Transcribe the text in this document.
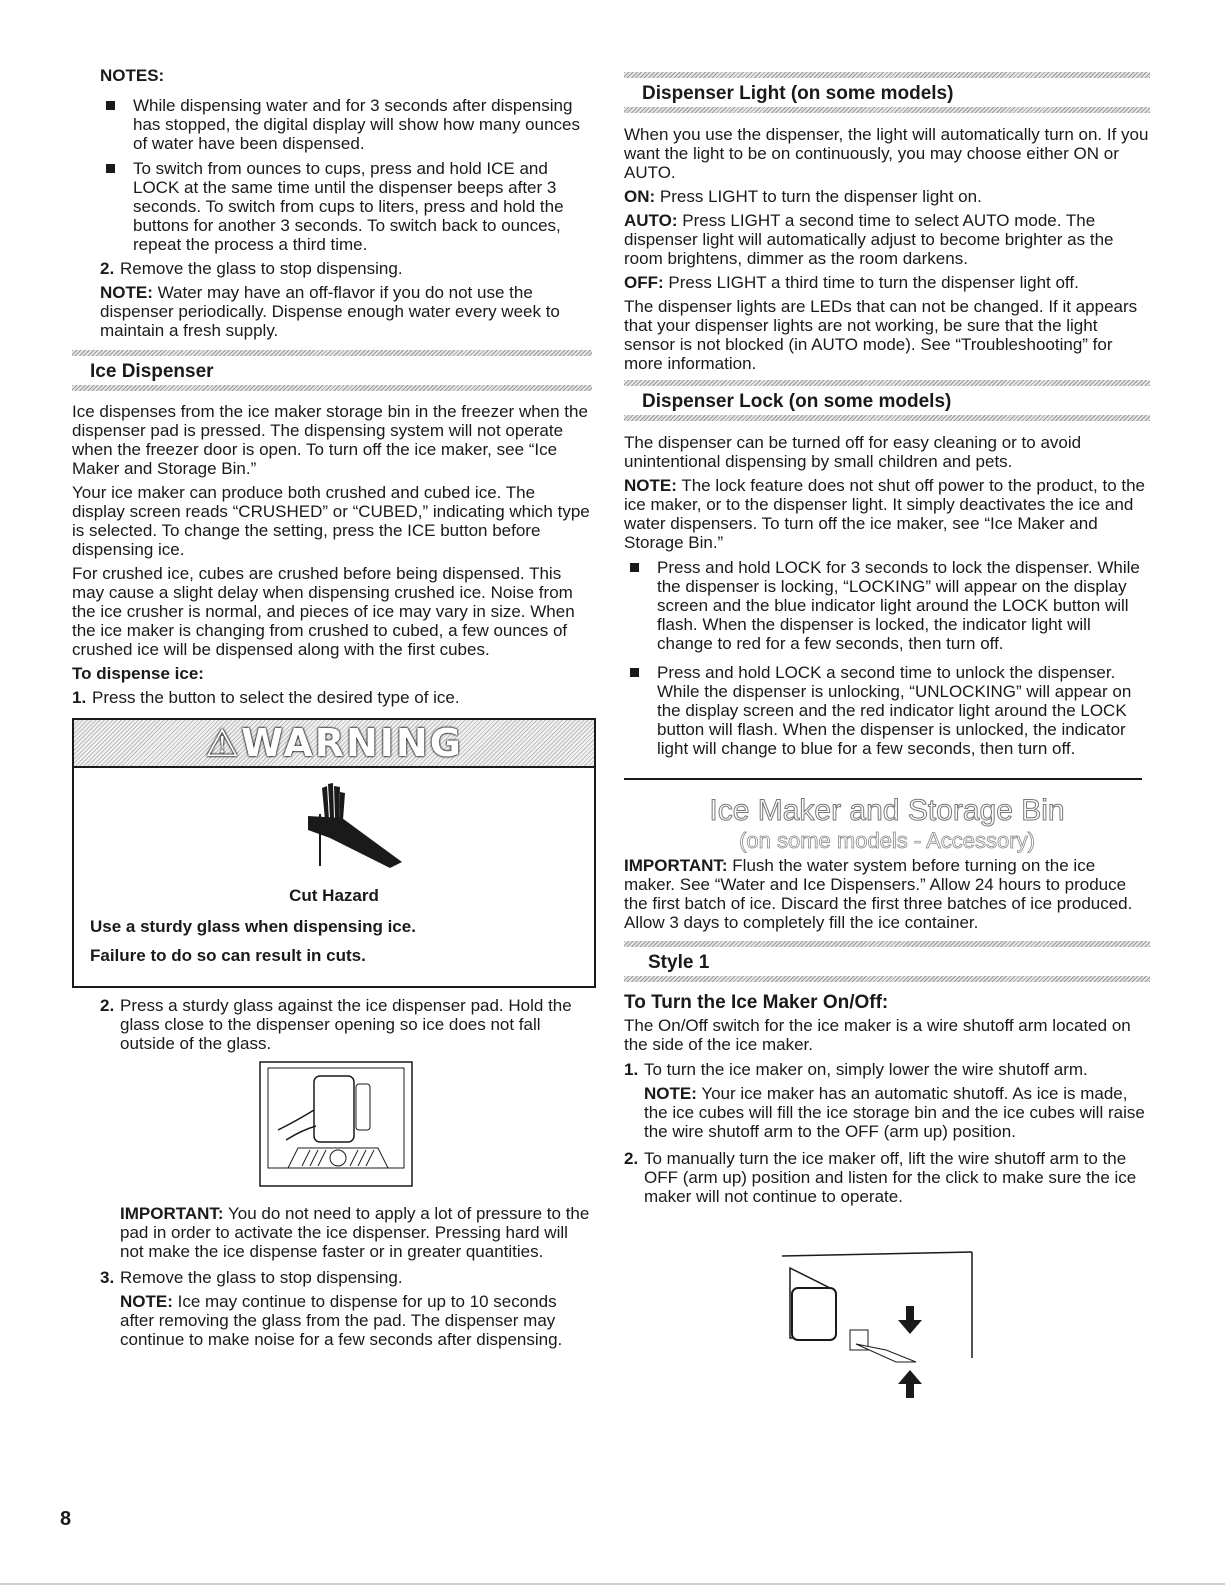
NOTES:
While dispensing water and for 3 seconds after dispensing has stopped, the digital display will show how many ounces of water have been dispensed.
To switch from ounces to cups, press and hold ICE and LOCK at the same time until the dispenser beeps after 3 seconds. To switch from cups to liters, press and hold the buttons for another 3 seconds. To switch back to ounces, repeat the process a third time.
2. Remove the glass to stop dispensing.

NOTE: Water may have an off-flavor if you do not use the dispenser periodically. Dispense enough water every week to maintain a fresh supply.

Ice Dispenser

Ice dispenses from the ice maker storage bin in the freezer when the dispenser pad is pressed. The dispensing system will not operate when the freezer door is open. To turn off the ice maker, see “Ice Maker and Storage Bin.”

Your ice maker can produce both crushed and cubed ice. The display screen reads “CRUSHED” or “CUBED,” indicating which type is selected. To change the setting, press the ICE button before dispensing ice.

For crushed ice, cubes are crushed before being dispensed. This may cause a slight delay when dispensing crushed ice. Noise from the ice crusher is normal, and pieces of ice may vary in size. When the ice maker is changing from crushed to cubed, a few ounces of crushed ice will be dispensed along with the first cubes.

To dispense ice:

1. Press the button to select the desired type of ice.
⚠WARNING
Cut Hazard
Use a sturdy glass when dispensing ice.
Failure to do so can result in cuts.
2. Press a sturdy glass against the ice dispenser pad. Hold the glass close to the dispenser opening so ice does not fall outside of the glass.

IMPORTANT: You do not need to apply a lot of pressure to the pad in order to activate the ice dispenser. Pressing hard will not make the ice dispense faster or in greater quantities.

3. Remove the glass to stop dispensing.

NOTE: Ice may continue to dispense for up to 10 seconds after removing the glass from the pad. The dispenser may continue to make noise for a few seconds after dispensing.

Dispenser Light (on some models)

When you use the dispenser, the light will automatically turn on. If you want the light to be on continuously, you may choose either ON or AUTO.

ON: Press LIGHT to turn the dispenser light on.

AUTO: Press LIGHT a second time to select AUTO mode. The dispenser light will automatically adjust to become brighter as the room brightens, dimmer as the room darkens.

OFF: Press LIGHT a third time to turn the dispenser light off.

The dispenser lights are LEDs that can not be changed. If it appears that your dispenser lights are not working, be sure that the light sensor is not blocked (in AUTO mode). See “Troubleshooting” for more information.

Dispenser Lock (on some models)

The dispenser can be turned off for easy cleaning or to avoid unintentional dispensing by small children and pets.

NOTE: The lock feature does not shut off power to the product, to the ice maker, or to the dispenser light. It simply deactivates the ice and water dispensers. To turn off the ice maker, see “Ice Maker and Storage Bin.”

Press and hold LOCK for 3 seconds to lock the dispenser. While the dispenser is locking, “LOCKING” will appear on the display screen and the blue indicator light around the LOCK button will flash. When the dispenser is locked, the indicator light will change to red for a few seconds, then turn off.
Press and hold LOCK a second time to unlock the dispenser. While the dispenser is unlocking, “UNLOCKING” will appear on the display screen and the red indicator light around the LOCK button will flash. When the dispenser is unlocked, the indicator light will change to blue for a few seconds, then turn off.
Ice Maker and Storage Bin
(on some models - Accessory)

IMPORTANT: Flush the water system before turning on the ice maker. See “Water and Ice Dispensers.” Allow 24 hours to produce the first batch of ice. Discard the first three batches of ice produced. Allow 3 days to completely fill the ice container.

Style 1
To Turn the Ice Maker On/Off:

The On/Off switch for the ice maker is a wire shutoff arm located on the side of the ice maker.

1. To turn the ice maker on, simply lower the wire shutoff arm.

NOTE: Your ice maker has an automatic shutoff. As ice is made, the ice cubes will fill the ice storage bin and the ice cubes will raise the wire shutoff arm to the OFF (arm up) position.

2. To manually turn the ice maker off, lift the wire shutoff arm to the OFF (arm up) position and listen for the click to make sure the ice maker will not continue to operate.
8
